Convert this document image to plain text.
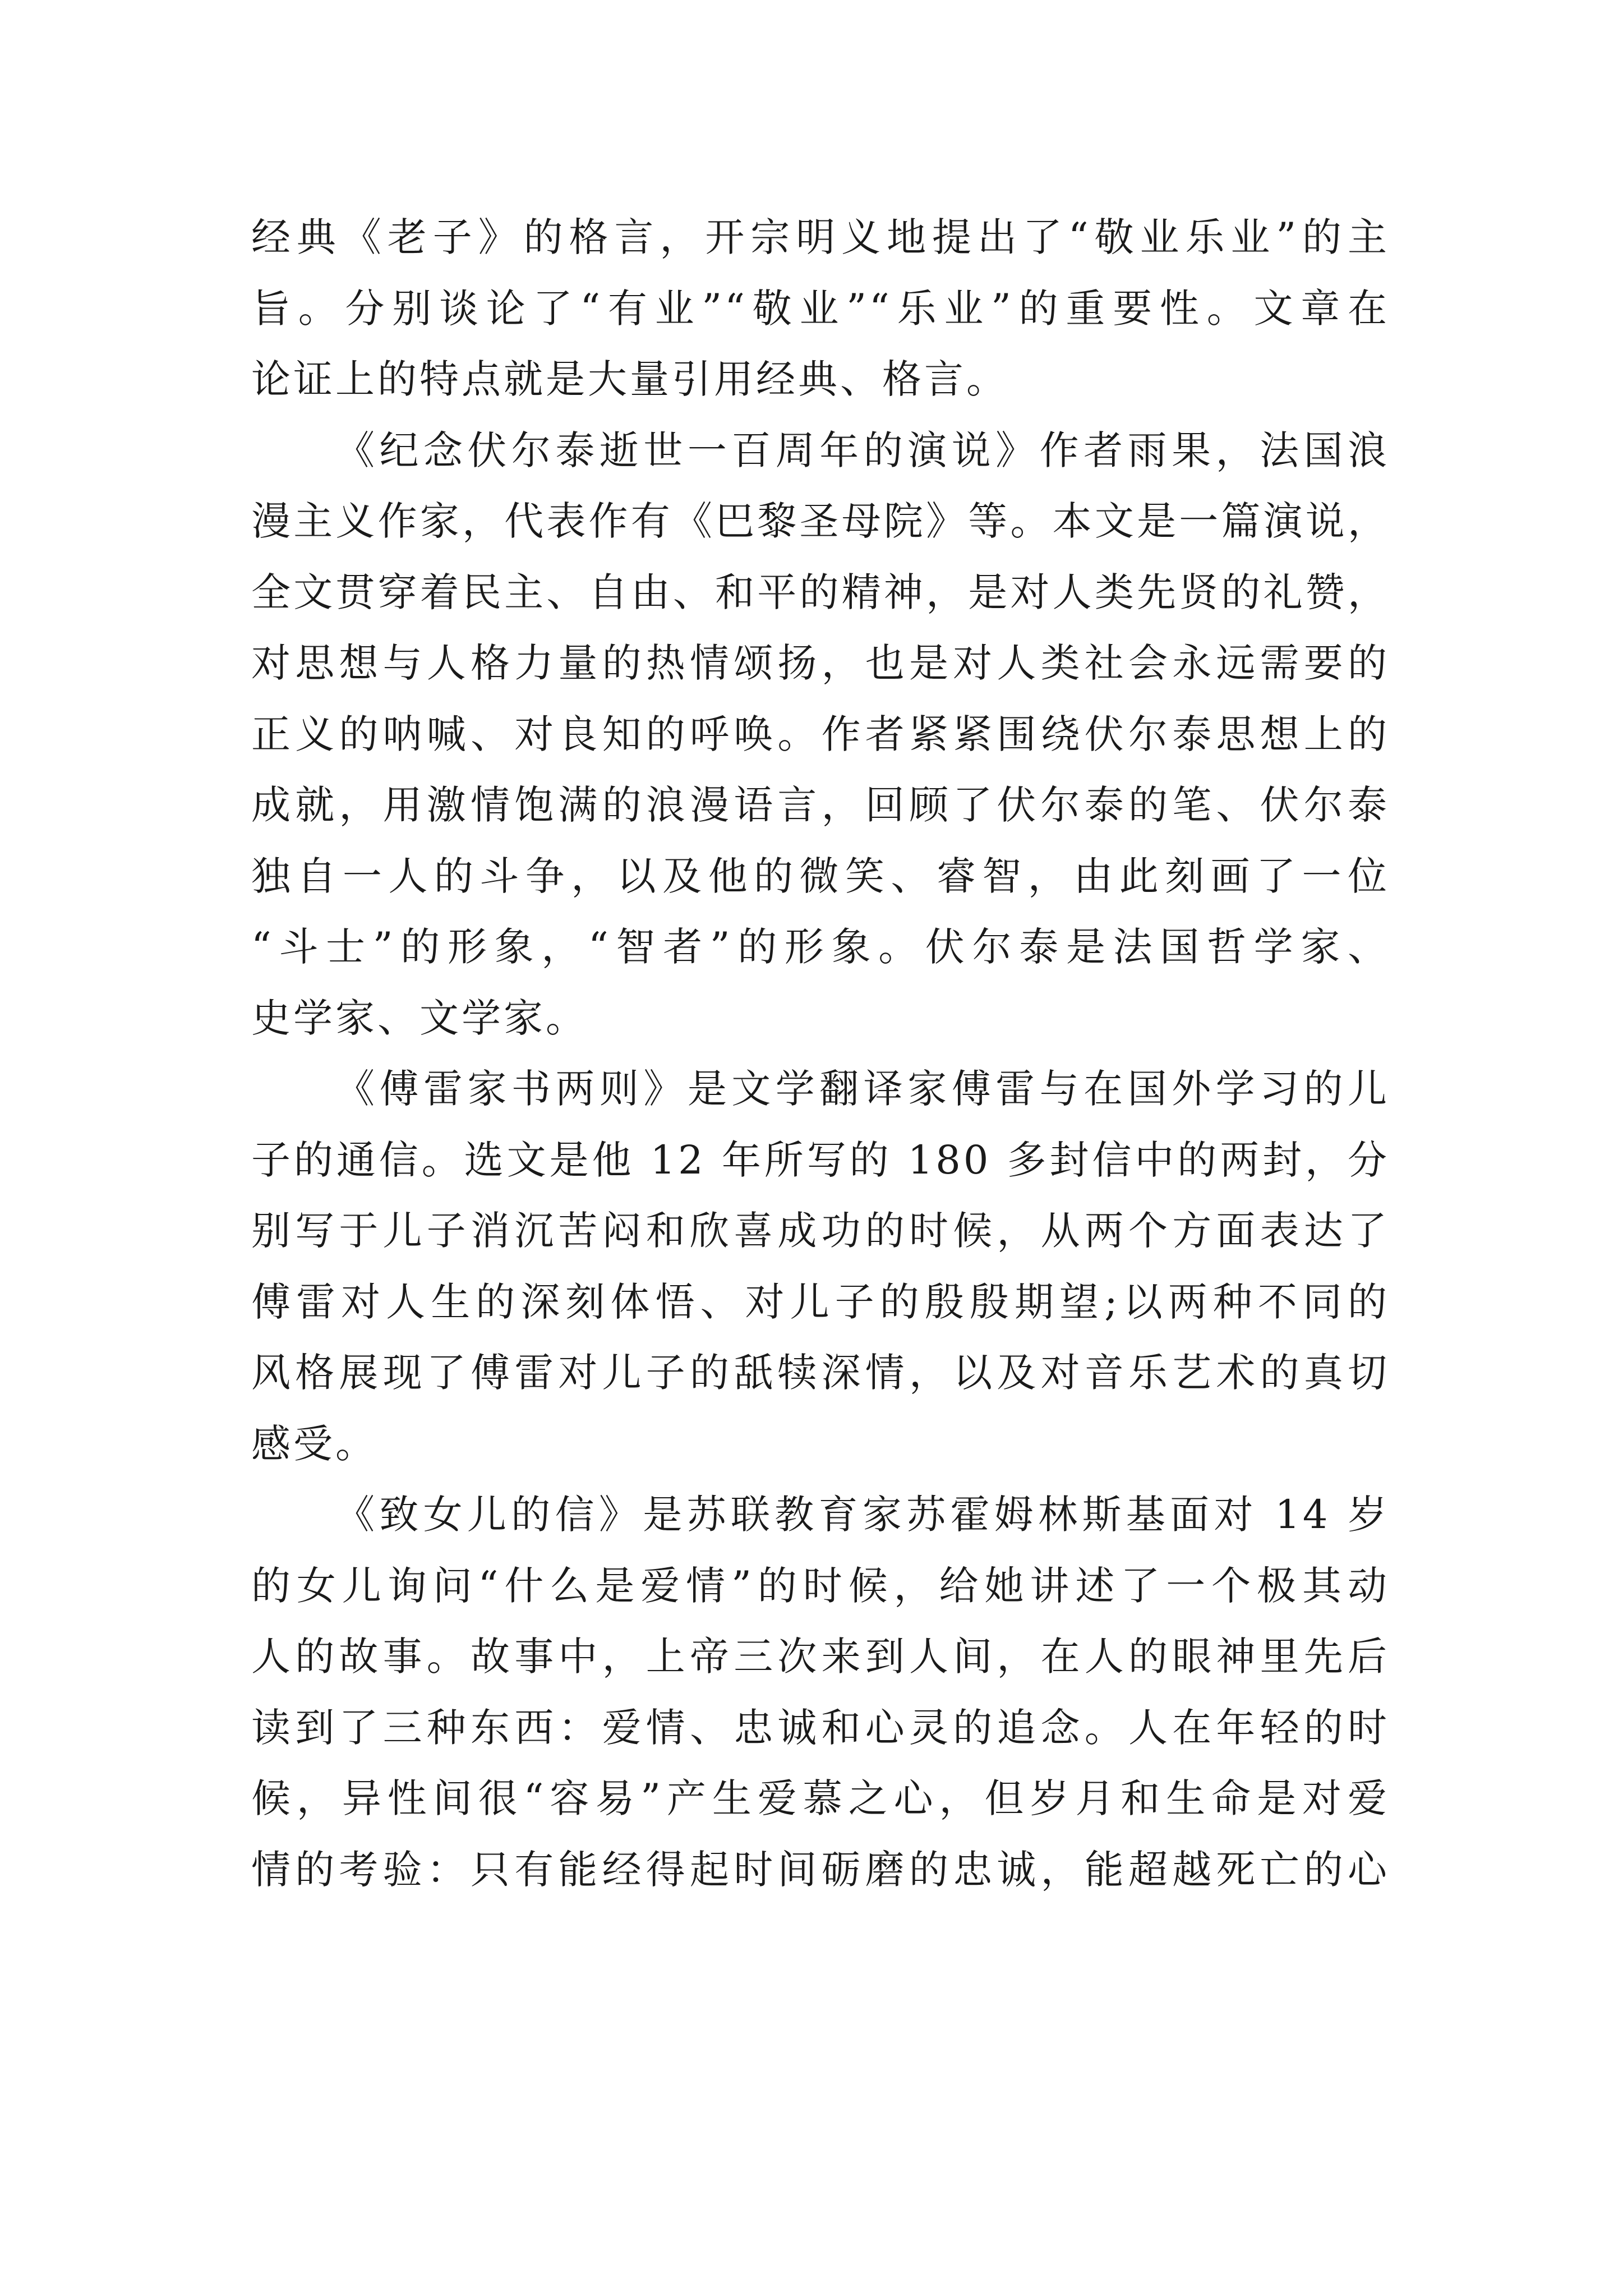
经典《老子》的格言，开宗明义地提出了“敬业乐业”的主
旨。分别谈论了“有业”“敬业”“乐业”的重要性。文章在
论证上的特点就是大量引用经典、格言。
《纪念伏尔泰逝世一百周年的演说》作者雨果，法国浪
漫主义作家，代表作有《巴黎圣母院》等。本文是一篇演说，
全文贯穿着民主、自由、和平的精神，是对人类先贤的礼赞，
对思想与人格力量的热情颂扬，也是对人类社会永远需要的
正义的呐喊、对良知的呼唤。作者紧紧围绕伏尔泰思想上的
成就，用激情饱满的浪漫语言，回顾了伏尔泰的笔、伏尔泰
独自一人的斗争，以及他的微笑、睿智，由此刻画了一位
“斗士”的形象，“智者”的形象。伏尔泰是法国哲学家、
史学家、文学家。
《傅雷家书两则》是文学翻译家傅雷与在国外学习的儿
子的通信。选文是他 12 年所写的 180 多封信中的两封，分
别写于儿子消沉苦闷和欣喜成功的时候，从两个方面表达了
傅雷对人生的深刻体悟、对儿子的殷殷期望;以两种不同的
风格展现了傅雷对儿子的舐犊深情，以及对音乐艺术的真切
感受。
《致女儿的信》是苏联教育家苏霍姆林斯基面对 14 岁
的女儿询问“什么是爱情”的时候，给她讲述了一个极其动
人的故事。故事中，上帝三次来到人间，在人的眼神里先后
读到了三种东西：爱情、忠诚和心灵的追念。人在年轻的时
候，异性间很“容易”产生爱慕之心，但岁月和生命是对爱
情的考验：只有能经得起时间砺磨的忠诚，能超越死亡的心
